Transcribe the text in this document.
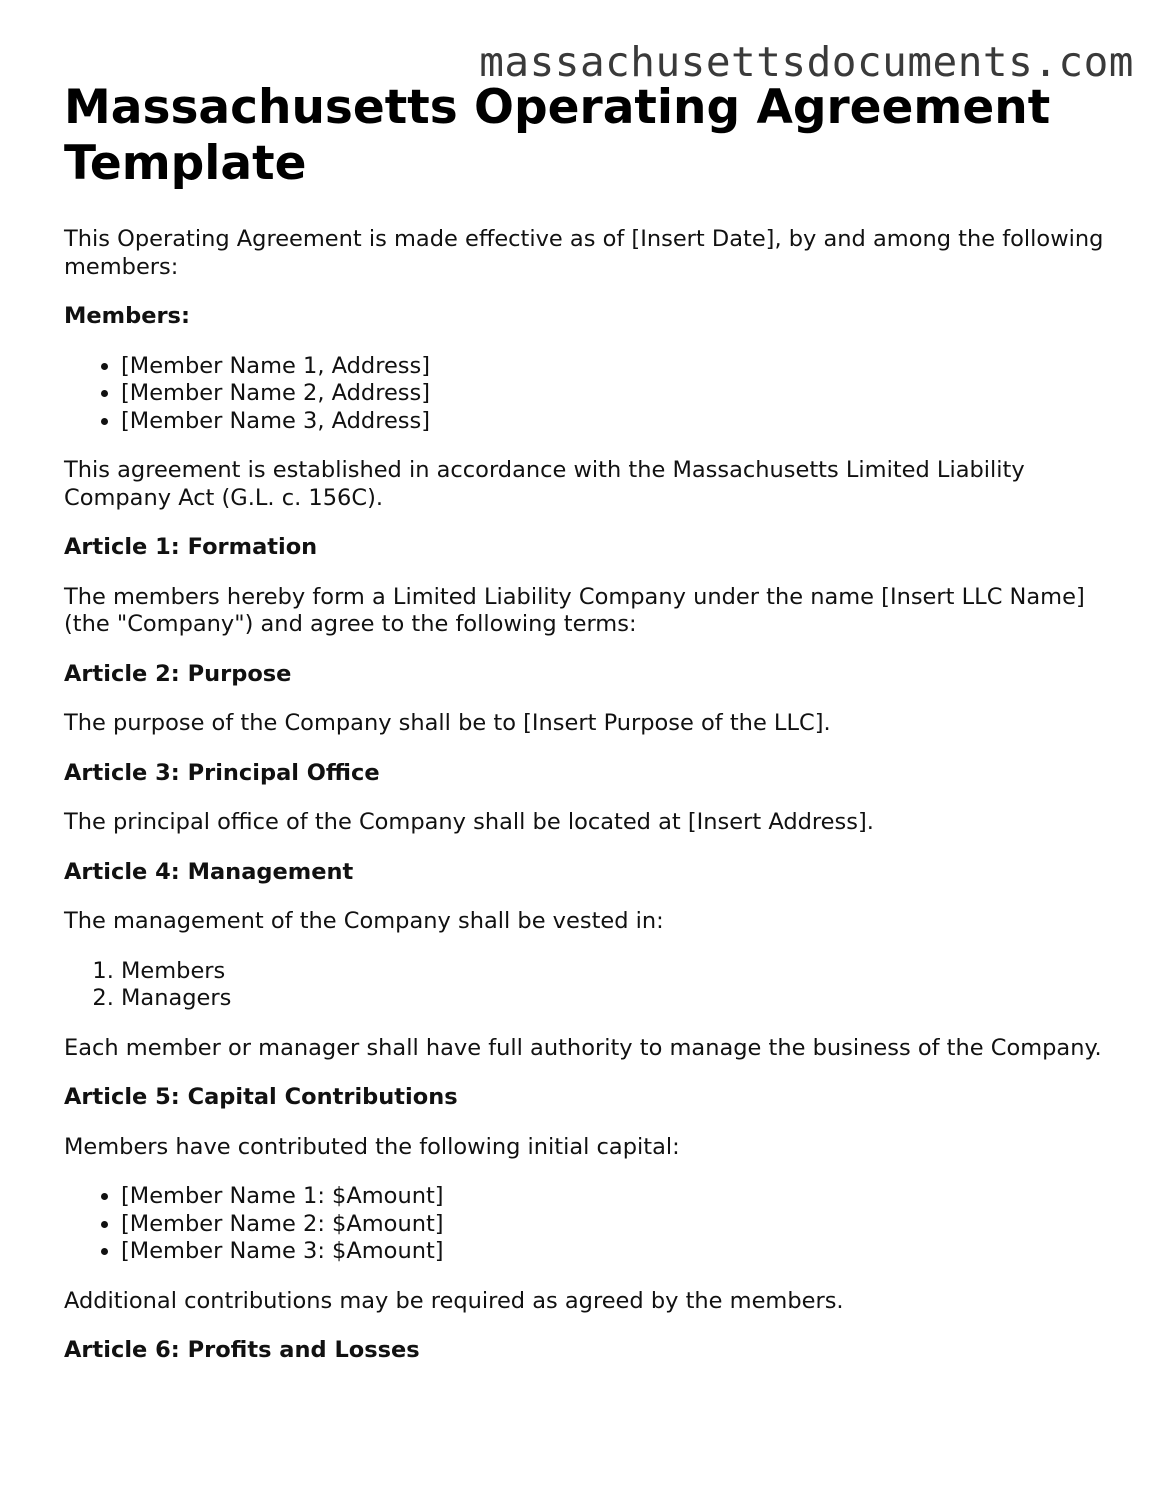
massachusettsdocuments.com
Massachusetts Operating Agreement Template

This Operating Agreement is made effective as of [Insert Date], by and among the following members:

Members:

• [Member Name 1, Address]
• [Member Name 2, Address]
• [Member Name 3, Address]

This agreement is established in accordance with the Massachusetts Limited Liability Company Act (G.L. c. 156C).

Article 1: Formation

The members hereby form a Limited Liability Company under the name [Insert LLC Name] (the "Company") and agree to the following terms:

Article 2: Purpose

The purpose of the Company shall be to [Insert Purpose of the LLC].

Article 3: Principal Office

The principal office of the Company shall be located at [Insert Address].

Article 4: Management

The management of the Company shall be vested in:

1. Members
2. Managers

Each member or manager shall have full authority to manage the business of the Company.

Article 5: Capital Contributions

Members have contributed the following initial capital:

• [Member Name 1: $Amount]
• [Member Name 2: $Amount]
• [Member Name 3: $Amount]

Additional contributions may be required as agreed by the members.

Article 6: Profits and Losses
